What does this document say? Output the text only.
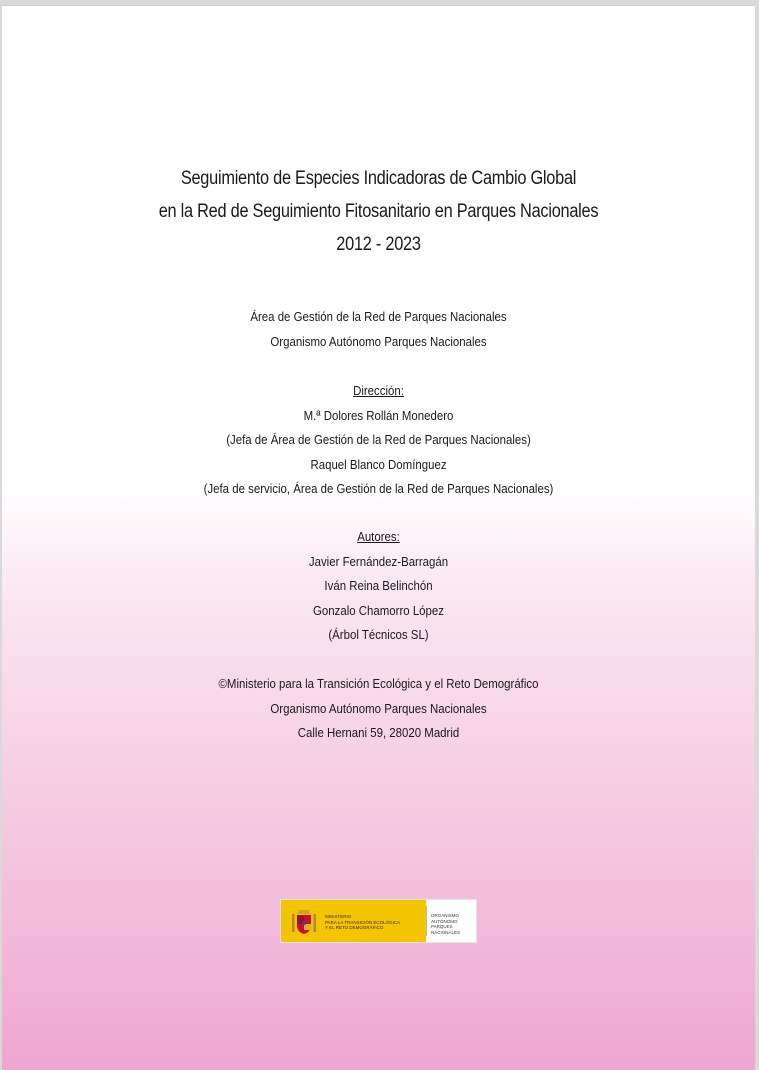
Seguimiento de Especies Indicadoras de Cambio Global
en la Red de Seguimiento Fitosanitario en Parques Nacionales
2012 - 2023
Área de Gestión de la Red de Parques Nacionales
Organismo Autónomo Parques Nacionales
Dirección:
M.ª Dolores Rollán Monedero
(Jefa de Área de Gestión de la Red de Parques Nacionales)
Raquel Blanco Domínguez
(Jefa de servicio, Área de Gestión de la Red de Parques Nacionales)
Autores:
Javier Fernández-Barragán
Iván Reina Belinchón
Gonzalo Chamorro López
(Árbol Técnicos SL)
©Ministerio para la Transición Ecológica y el Reto Demográfico
Organismo Autónomo Parques Nacionales
Calle Hernani 59, 28020 Madrid
MINISTERIO
PARA LA TRANSICIÓN ECOLÓGICA
Y EL RETO DEMOGRÁFICO
ORGANISMO
AUTÓNOMO
PARQUES
NACIONALES
